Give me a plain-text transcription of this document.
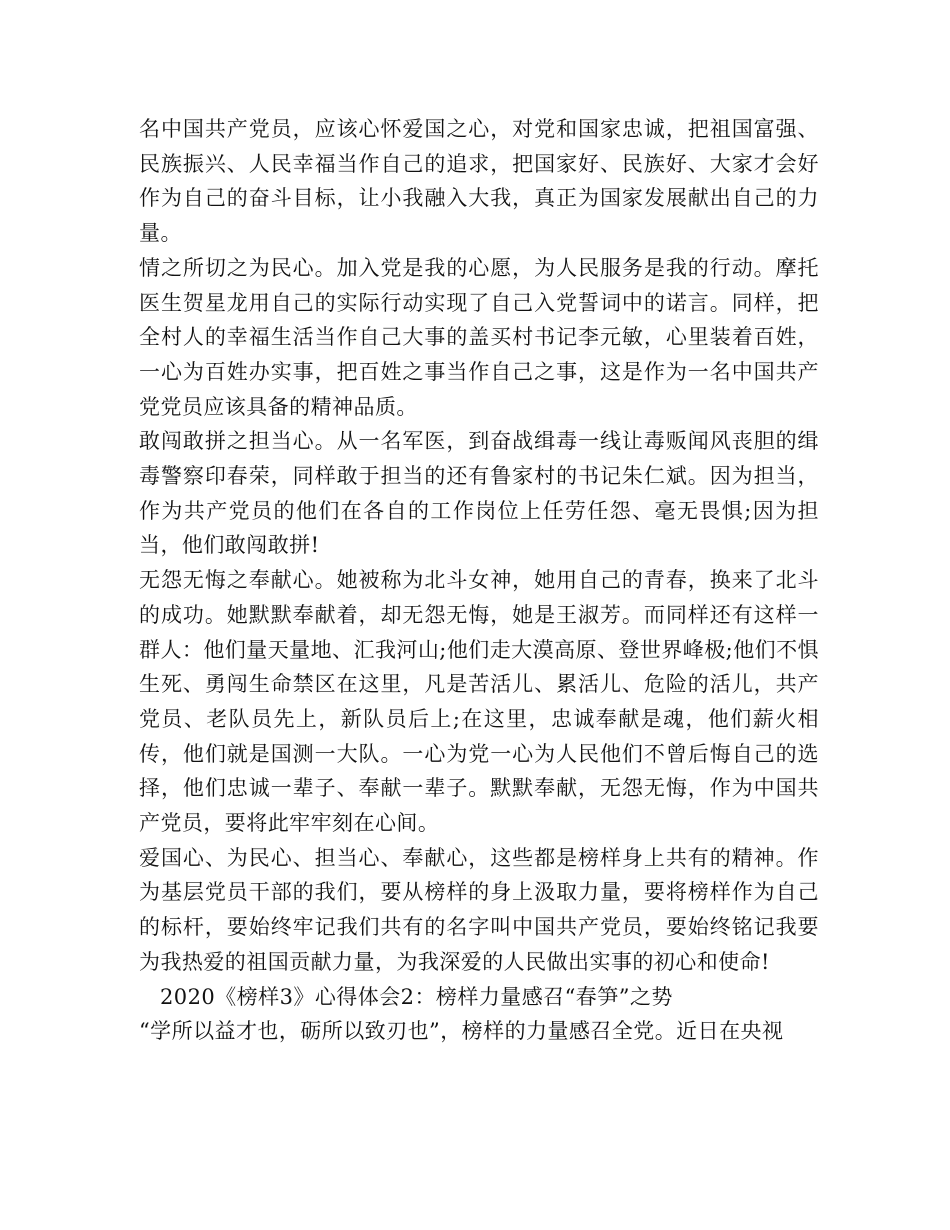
名中国共产党员，应该心怀爱国之心，对党和国家忠诚，把祖国富强、民族振兴、人民幸福当作自己的追求，把国家好、民族好、大家才会好作为自己的奋斗目标，让小我融入大我，真正为国家发展献出自己的力量。

情之所切之为民心。加入党是我的心愿，为人民服务是我的行动。摩托医生贺星龙用自己的实际行动实现了自己入党誓词中的诺言。同样，把全村人的幸福生活当作自己大事的盖买村书记李元敏，心里装着百姓，一心为百姓办实事，把百姓之事当作自己之事，这是作为一名中国共产党党员应该具备的精神品质。

敢闯敢拼之担当心。从一名军医，到奋战缉毒一线让毒贩闻风丧胆的缉毒警察印春荣，同样敢于担当的还有鲁家村的书记朱仁斌。因为担当，作为共产党员的他们在各自的工作岗位上任劳任怨、毫无畏惧;因为担当，他们敢闯敢拼!

无怨无悔之奉献心。她被称为北斗女神，她用自己的青春，换来了北斗的成功。她默默奉献着，却无怨无悔，她是王淑芳。而同样还有这样一群人：他们量天量地、汇我河山;他们走大漠高原、登世界峰极;他们不惧生死、勇闯生命禁区在这里，凡是苦活儿、累活儿、危险的活儿，共产党员、老队员先上，新队员后上;在这里，忠诚奉献是魂，他们薪火相传，他们就是国测一大队。一心为党一心为人民他们不曾后悔自己的选择，他们忠诚一辈子、奉献一辈子。默默奉献，无怨无悔，作为中国共产党员，要将此牢牢刻在心间。

爱国心、为民心、担当心、奉献心，这些都是榜样身上共有的精神。作为基层党员干部的我们，要从榜样的身上汲取力量，要将榜样作为自己的标杆，要始终牢记我们共有的名字叫中国共产党员，要始终铭记我要为我热爱的祖国贡献力量，为我深爱的人民做出实事的初心和使命!

2020《榜样3》心得体会2：榜样力量感召“春笋”之势

“学所以益才也，砺所以致刃也”，榜样的力量感召全党。近日在央视
